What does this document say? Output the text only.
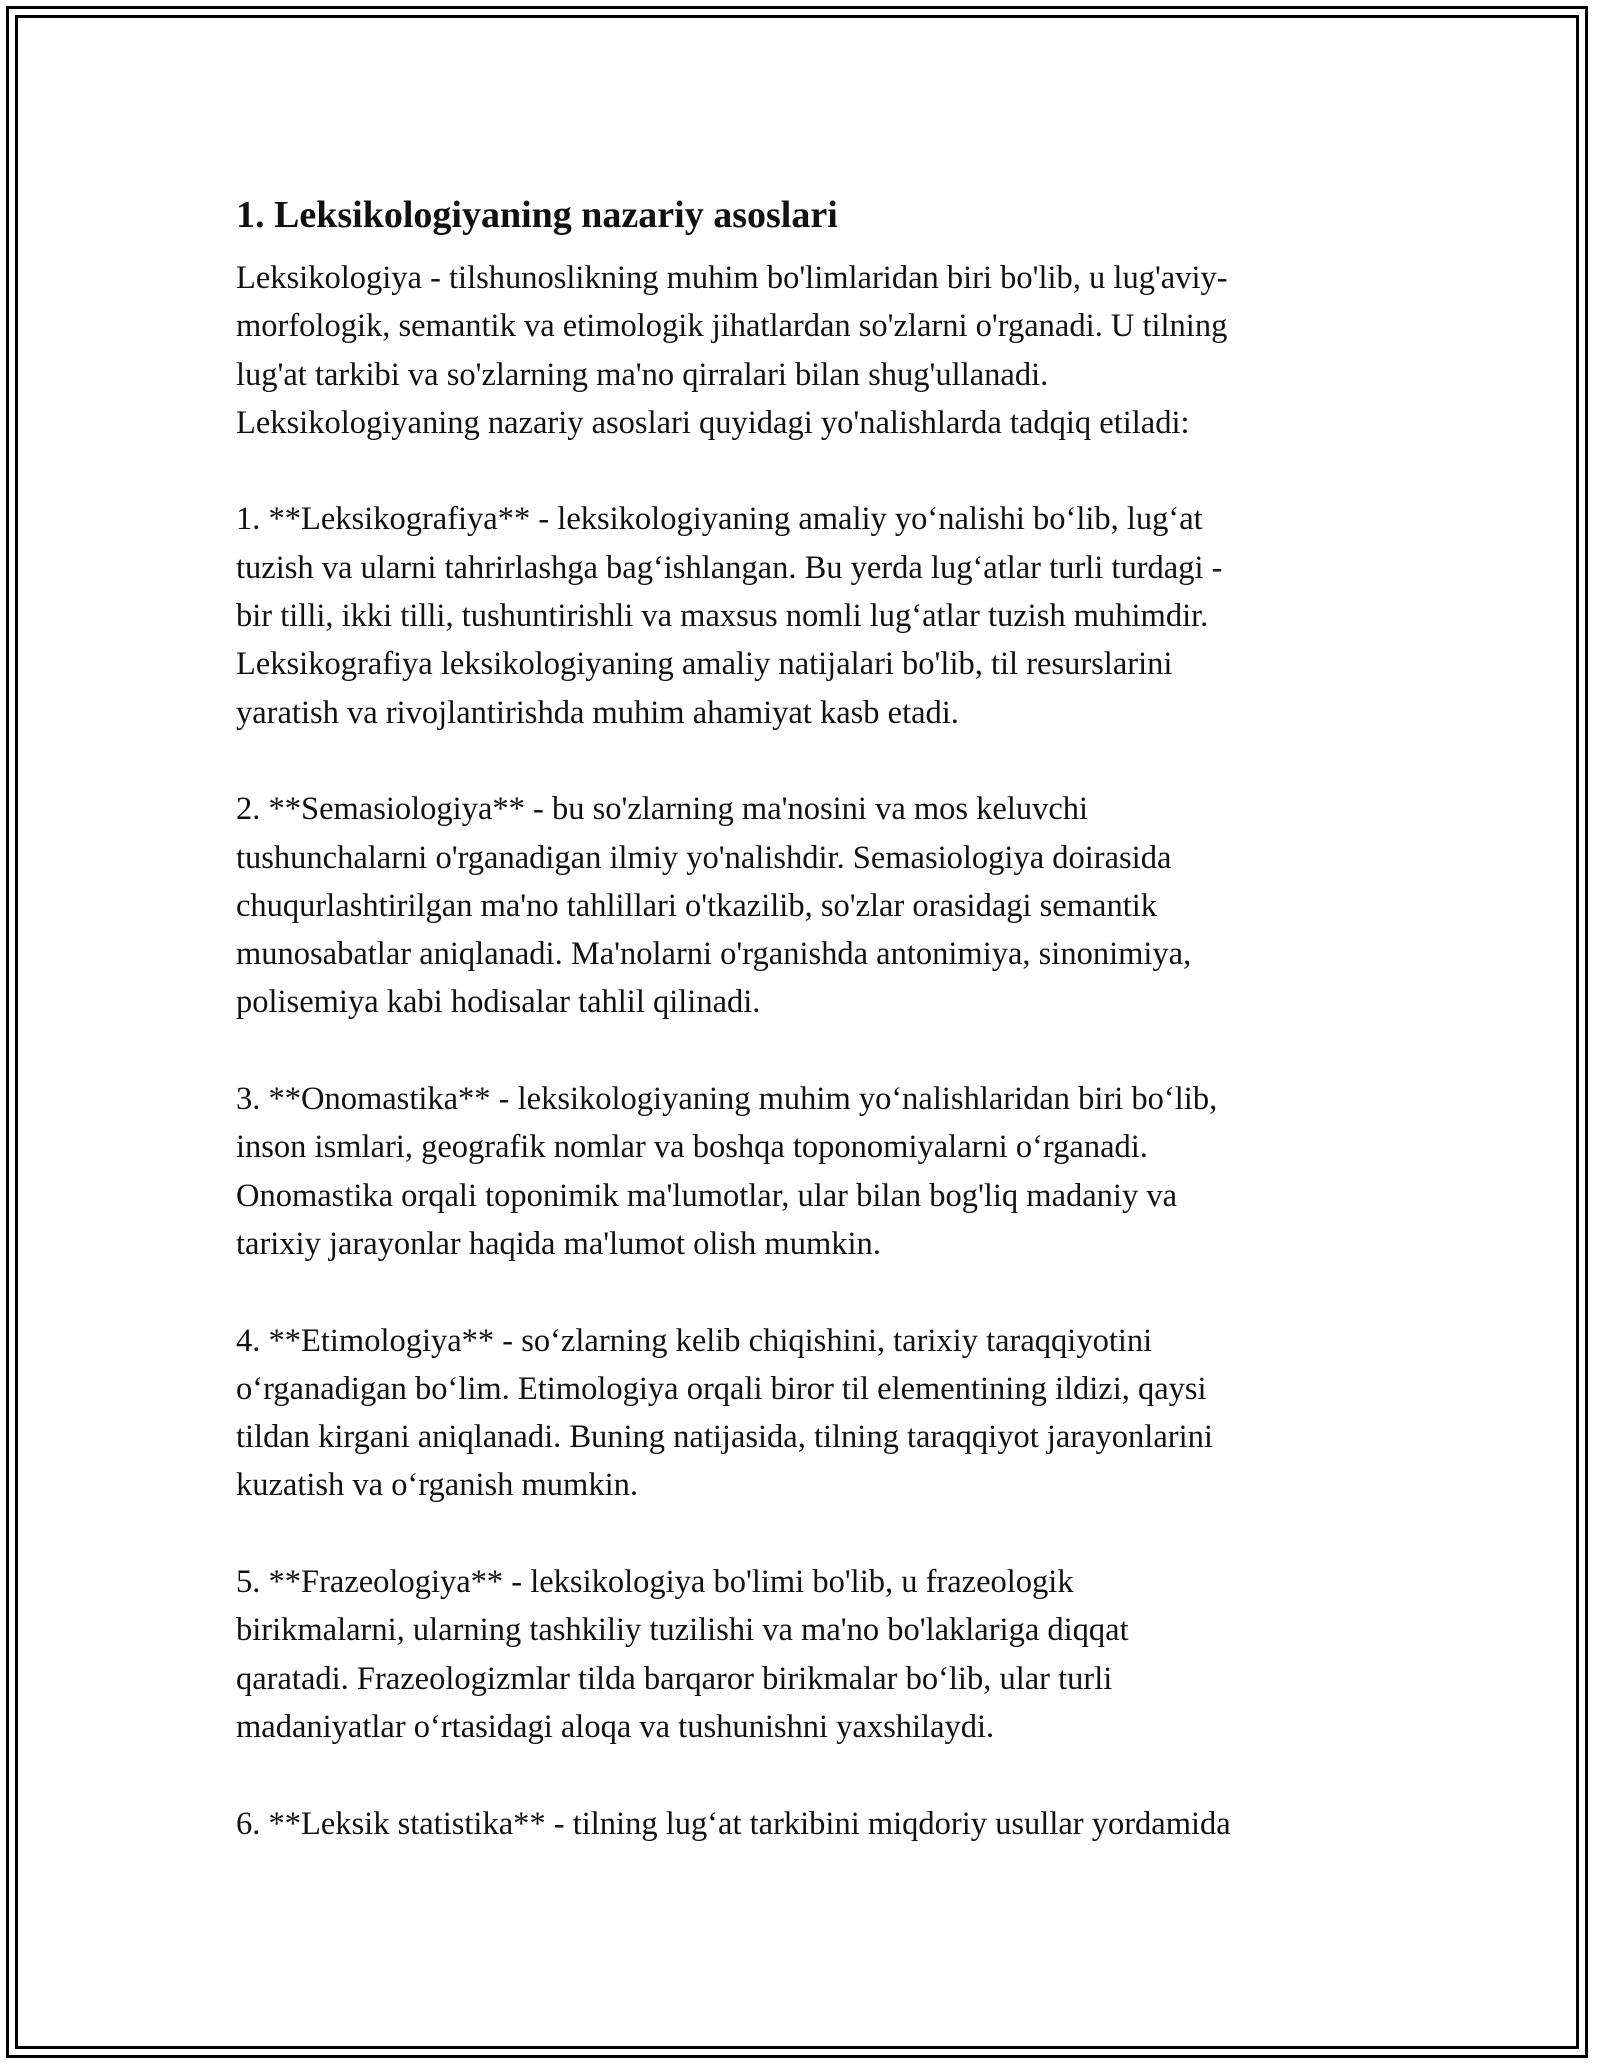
1. Leksikologiyaning nazariy asoslari

Leksikologiya - tilshunoslikning muhim bo'limlaridan biri bo'lib, u lug'aviy-
morfologik, semantik va etimologik jihatlardan so'zlarni o'rganadi. U tilning
lug'at tarkibi va so'zlarning ma'no qirralari bilan shug'ullanadi.
Leksikologiyaning nazariy asoslari quyidagi yo'nalishlarda tadqiq etiladi:

1. **Leksikografiya** - leksikologiyaning amaliy yo‘nalishi bo‘lib, lug‘at
tuzish va ularni tahrirlashga bag‘ishlangan. Bu yerda lug‘atlar turli turdagi -
bir tilli, ikki tilli, tushuntirishli va maxsus nomli lug‘atlar tuzish muhimdir.
Leksikografiya leksikologiyaning amaliy natijalari bo'lib, til resurslarini
yaratish va rivojlantirishda muhim ahamiyat kasb etadi.

2. **Semasiologiya** - bu so'zlarning ma'nosini va mos keluvchi
tushunchalarni o'rganadigan ilmiy yo'nalishdir. Semasiologiya doirasida
chuqurlashtirilgan ma'no tahlillari o'tkazilib, so'zlar orasidagi semantik
munosabatlar aniqlanadi. Ma'nolarni o'rganishda antonimiya, sinonimiya,
polisemiya kabi hodisalar tahlil qilinadi.

3. **Onomastika** - leksikologiyaning muhim yo‘nalishlaridan biri bo‘lib,
inson ismlari, geografik nomlar va boshqa toponomiyalarni o‘rganadi.
Onomastika orqali toponimik ma'lumotlar, ular bilan bog'liq madaniy va
tarixiy jarayonlar haqida ma'lumot olish mumkin.

4. **Etimologiya** - so‘zlarning kelib chiqishini, tarixiy taraqqiyotini
o‘rganadigan bo‘lim. Etimologiya orqali biror til elementining ildizi, qaysi
tildan kirgani aniqlanadi. Buning natijasida, tilning taraqqiyot jarayonlarini
kuzatish va o‘rganish mumkin.

5. **Frazeologiya** - leksikologiya bo'limi bo'lib, u frazeologik
birikmalarni, ularning tashkiliy tuzilishi va ma'no bo'laklariga diqqat
qaratadi. Frazeologizmlar tilda barqaror birikmalar bo‘lib, ular turli
madaniyatlar o‘rtasidagi aloqa va tushunishni yaxshilaydi.

6. **Leksik statistika** - tilning lug‘at tarkibini miqdoriy usullar yordamida
